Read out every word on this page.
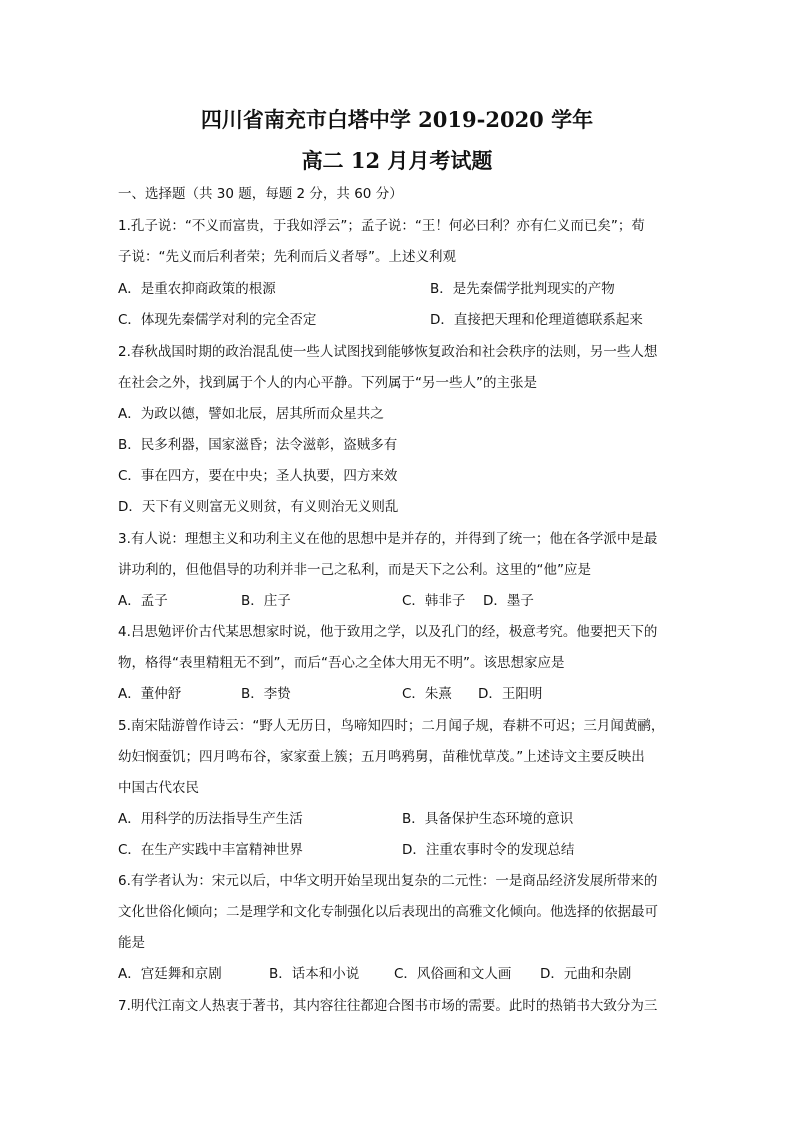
四川省南充市白塔中学 2019-2020 学年
高二 12 月月考试题
一、选择题（共 30 题，每题 2 分，共 60 分）
1.孔子说：“不义而富贵，于我如浮云”；孟子说：“王！何必曰利？亦有仁义而已矣”；荀
子说：“先义而后利者荣；先利而后义者辱”。上述义利观
A．是重农抑商政策的根源	B．是先秦儒学批判现实的产物
C．体现先秦儒学对利的完全否定	D．直接把天理和伦理道德联系起来
2.春秋战国时期的政治混乱使一些人试图找到能够恢复政治和社会秩序的法则，另一些人想
在社会之外，找到属于个人的内心平静。下列属于“另一些人”的主张是
A．为政以德，譬如北辰，居其所而众星共之
B．民多利器，国家滋昏；法令滋彰，盗贼多有
C．事在四方，要在中央；圣人执要，四方来效
D．天下有义则富无义则贫，有义则治无义则乱
3.有人说：理想主义和功利主义在他的思想中是并存的，并得到了统一；他在各学派中是最
讲功利的，但他倡导的功利并非一己之私利，而是天下之公利。这里的“他”应是
A．孟子	B．庄子	C．韩非子 D．墨子
4.吕思勉评价古代某思想家时说，他于致用之学，以及孔门的经，极意考究。他要把天下的
物，格得“表里精粗无不到”，而后“吾心之全体大用无不明”。该思想家应是
A．董仲舒	B．李贽	C．朱熹 D．王阳明
5.南宋陆游曾作诗云：“野人无历日，鸟啼知四时；二月闻子规，春耕不可迟；三月闻黄鹂，
幼妇悯蚕饥；四月鸣布谷，家家蚕上簇；五月鸣鸦舅，苗稚忧草茂。”上述诗文主要反映出
中国古代农民
A．用科学的历法指导生产生活	B．具备保护生态环境的意识
C．在生产实践中丰富精神世界	D．注重农事时令的发现总结
6.有学者认为：宋元以后，中华文明开始呈现出复杂的二元性：一是商品经济发展所带来的
文化世俗化倾向；二是理学和文化专制强化以后表现出的高雅文化倾向。他选择的依据最可
能是
A．宫廷舞和京剧	B．话本和小说	C．风俗画和文人画 D．元曲和杂剧
7.明代江南文人热衷于著书，其内容往往都迎合图书市场的需要。此时的热销书大致分为三
